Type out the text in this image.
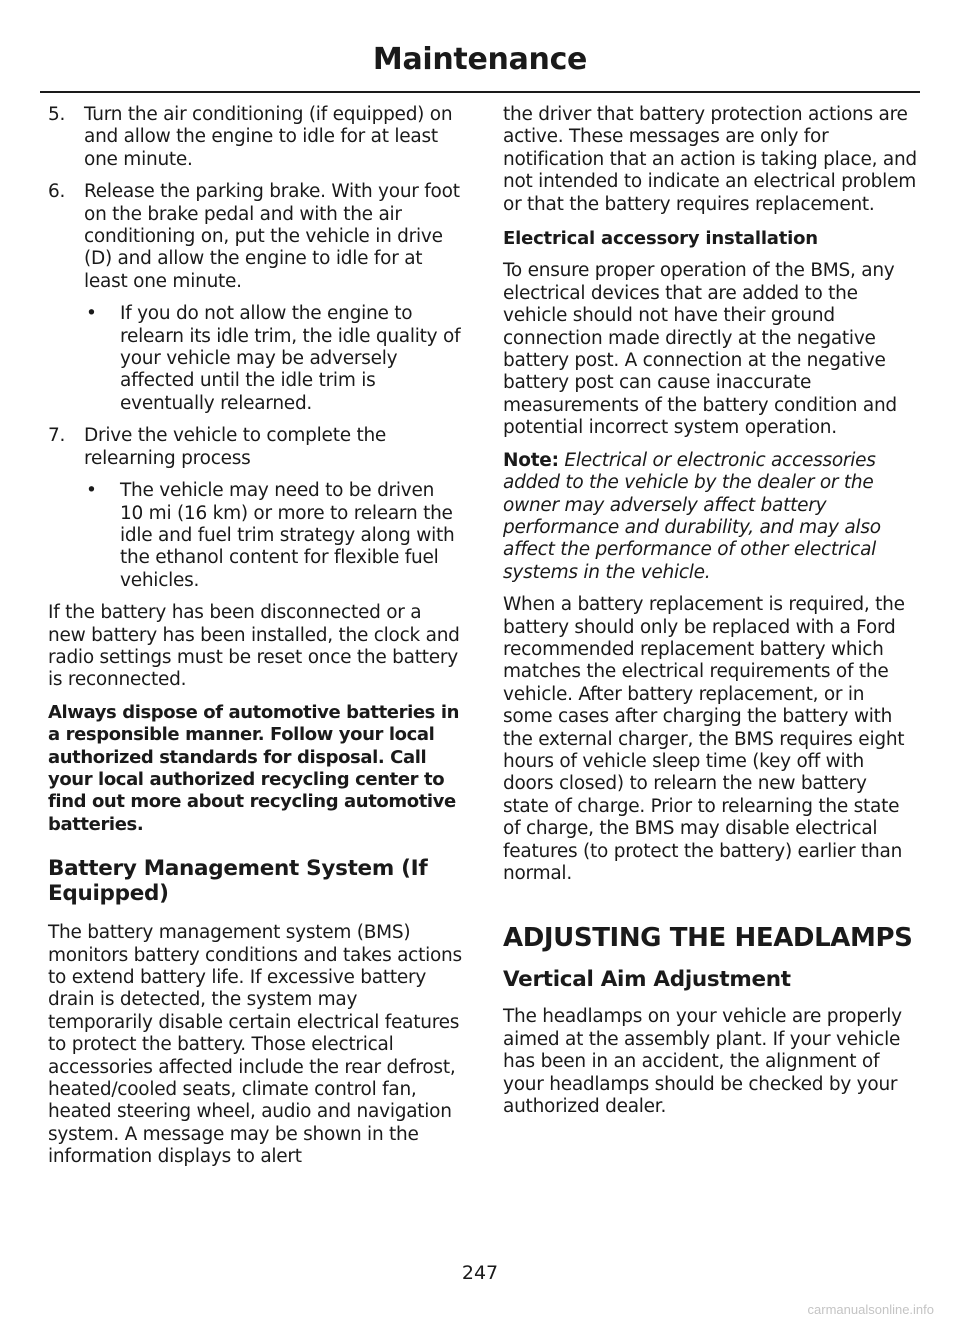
Maintenance
5. Turn the air conditioning (if equipped) on and allow the engine to idle for at least one minute.
6. Release the parking brake. With your foot on the brake pedal and with the air conditioning on, put the vehicle in drive (D) and allow the engine to idle for at least one minute.
• If you do not allow the engine to relearn its idle trim, the idle quality of your vehicle may be adversely affected until the idle trim is eventually relearned.
7. Drive the vehicle to complete the relearning process
• The vehicle may need to be driven 10 mi (16 km) or more to relearn the idle and fuel trim strategy along with the ethanol content for flexible fuel vehicles.

If the battery has been disconnected or a new battery has been installed, the clock and radio settings must be reset once the battery is reconnected.

Always dispose of automotive batteries in a responsible manner. Follow your local authorized standards for disposal. Call your local authorized recycling center to find out more about recycling automotive batteries.

Battery Management System (If Equipped)

The battery management system (BMS) monitors battery conditions and takes actions to extend battery life. If excessive battery drain is detected, the system may temporarily disable certain electrical features to protect the battery. Those electrical accessories affected include the rear defrost, heated/cooled seats, climate control fan, heated steering wheel, audio and navigation system. A message may be shown in the information displays to alert

the driver that battery protection actions are active. These messages are only for notification that an action is taking place, and not intended to indicate an electrical problem or that the battery requires replacement.

Electrical accessory installation

To ensure proper operation of the BMS, any electrical devices that are added to the vehicle should not have their ground connection made directly at the negative battery post. A connection at the negative battery post can cause inaccurate measurements of the battery condition and potential incorrect system operation.

Note: Electrical or electronic accessories added to the vehicle by the dealer or the owner may adversely affect battery performance and durability, and may also affect the performance of other electrical systems in the vehicle.

When a battery replacement is required, the battery should only be replaced with a Ford recommended replacement battery which matches the electrical requirements of the vehicle. After battery replacement, or in some cases after charging the battery with the external charger, the BMS requires eight hours of vehicle sleep time (key off with doors closed) to relearn the new battery state of charge. Prior to relearning the state of charge, the BMS may disable electrical features (to protect the battery) earlier than normal.

ADJUSTING THE HEADLAMPS
Vertical Aim Adjustment

The headlamps on your vehicle are properly aimed at the assembly plant. If your vehicle has been in an accident, the alignment of your headlamps should be checked by your authorized dealer.

247
carmanualsonline.info
